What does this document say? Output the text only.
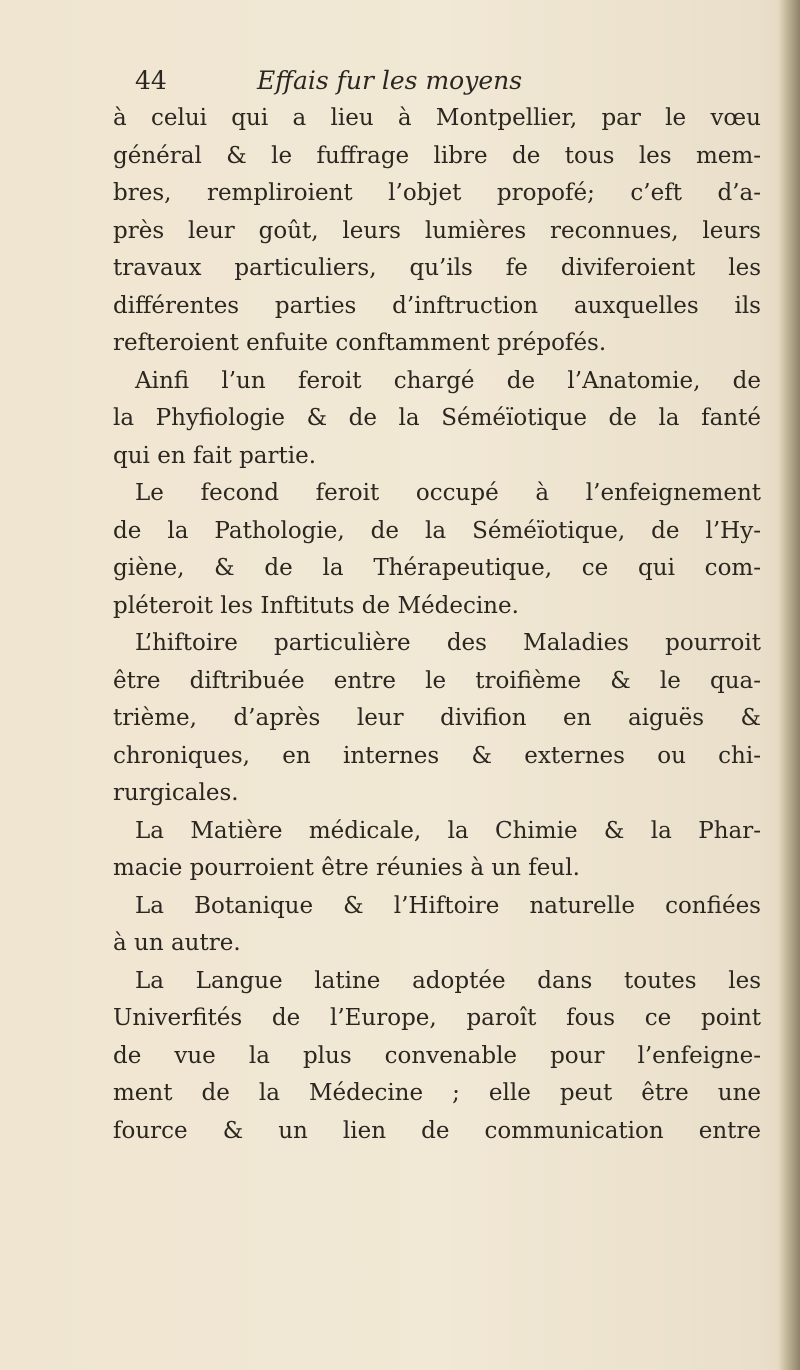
44	Effais fur les moyens
à celui qui a lieu à Montpellier, par le vœu
général & le fuffrage libre de tous les mem-
bres, rempliroient l’objet propofé; c’eft d’a-
près leur goût, leurs lumières reconnues, leurs
travaux particuliers, qu’ils fe diviferoient les
différentes parties d’inftruction auxquelles ils
refteroient enfuite conftamment prépofés.
Ainfi l’un feroit chargé de l’Anatomie, de
la Phyfiologie & de la Séméïotique de la fanté
qui en fait partie.
Le fecond feroit occupé à l’enfeignement
de la Pathologie, de la Séméïotique, de l’Hy-
giène, & de la Thérapeutique, ce qui com-
pléteroit les Inftituts de Médecine.
L’hiftoire particulière des Maladies pourroit
être diftribuée entre le troifième & le qua-
trième, d’après leur divifion en aiguës &
chroniques, en internes & externes ou chi-
rurgicales.
La Matière médicale, la Chimie & la Phar-
macie pourroient être réunies à un feul.
La Botanique & l’Hiftoire naturelle confiées
à un autre.
La Langue latine adoptée dans toutes les
Univerfités de l’Europe, paroît fous ce point
de vue la plus convenable pour l’enfeigne-
ment de la Médecine ; elle peut être une
fource & un lien de communication entre
